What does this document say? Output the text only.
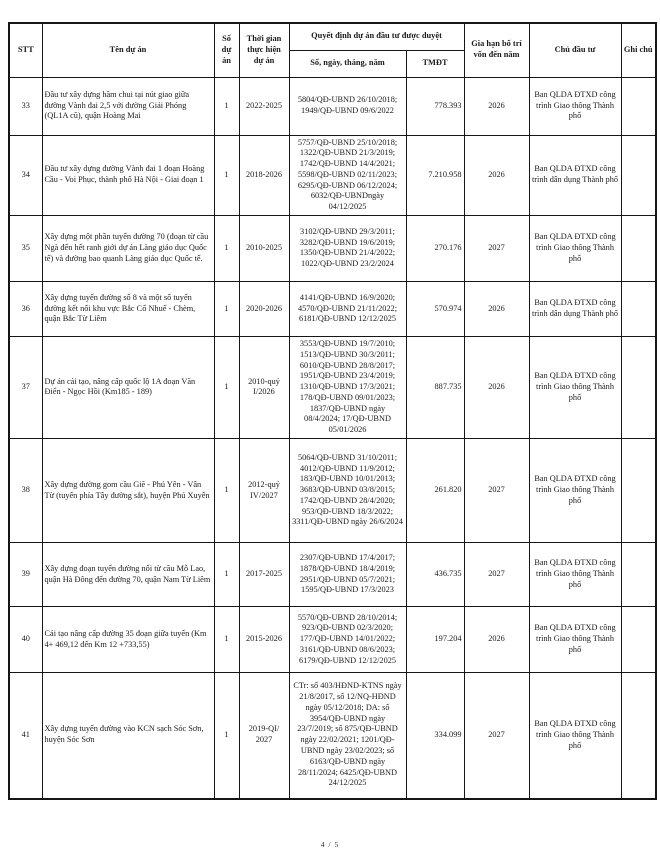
STT	Tên dự án	Số dự án	Thời gian thực hiện dự án	Quyết định dự án đầu tư được duyệt		Gia hạn bố trí vốn đến năm	Chủ đầu tư	Ghi chú
				Số, ngày, tháng, năm	TMĐT			
33	Đầu tư xây dựng hầm chui tại nút giao giữa đường Vành đai 2,5 với đường Giải Phóng (QL1A cũ), quận Hoàng Mai	1	2022-2025	5804/QĐ-UBND 26/10/2018; 1949/QĐ-UBND 09/6/2022	778.393	2026	Ban QLDA ĐTXD công trình Giao thông Thành phố	
34	Đầu tư xây dựng đường Vành đai 1 đoạn Hoàng Cầu - Voi Phục, thành phố Hà Nội - Giai đoạn 1	1	2018-2026	5757/QĐ-UBND 25/10/2018; 1322/QĐ-UBND 21/3/2019; 1742/QĐ-UBND 14/4/2021; 5598/QĐ-UBND 02/11/2023; 6295/QĐ-UBND 06/12/2024; 6032/QĐ-UBNDngày 04/12/2025	7.210.958	2026	Ban QLDA ĐTXD công trình dân dụng Thành phố	
35	Xây dựng một phần tuyến đường 70 (đoạn từ cầu Ngà đến hết ranh giới dự án Làng giáo dục Quốc tế) và đường bao quanh Làng giáo dục Quốc tế.	1	2010-2025	3102/QĐ-UBND 29/3/2011; 3282/QĐ-UBND 19/6/2019; 1350/QĐ-UBND 21/4/2022; 1022/QĐ-UBND 23/2/2024	270.176	2027	Ban QLDA ĐTXD công trình Giao thông Thành phố	
36	Xây dựng tuyến đường số 8 và một số tuyến đường kết nối khu vực Bắc Cổ Nhuế - Chèm, quận Bắc Từ Liêm	1	2020-2026	4141/QĐ-UBND 16/9/2020; 4570/QĐ-UBND 21/11/2022; 6181/QĐ-UBND 12/12/2025	570.974	2026	Ban QLDA ĐTXD công trình dân dụng Thành phố	
37	Dự án cải tạo, nâng cấp quốc lộ 1A đoạn Văn Điển - Ngọc Hồi (Km185 - 189)	1	2010-quý I/2026	3553/QĐ-UBND 19/7/2010; 1513/QĐ-UBND 30/3/2011; 6010/QĐ-UBND 28/8/2017; 1951/QĐ-UBND 23/4/2019; 1310/QĐ-UBND 17/3/2021; 178/QĐ-UBND 09/01/2023; 1837/QĐ-UBND ngày 08/4/2024; 17/QĐ-UBND 05/01/2026	887.735	2026	Ban QLDA ĐTXD công trình Giao thông Thành phố	
38	Xây dựng đường gom cầu Giẽ - Phú Yên - Vân Từ (tuyến phía Tây đường sắt), huyện Phú Xuyên	1	2012-quý IV/2027	5064/QĐ-UBND 31/10/2011; 4012/QĐ-UBND 11/9/2012; 183/QĐ-UBND 10/01/2013; 3683/QĐ-UBND 03/8/2015; 1742/QĐ-UBND 28/4/2020; 953/QĐ-UBND 18/3/2022; 3311/QĐ-UBND ngày 26/6/2024	261.820	2027	Ban QLDA ĐTXD công trình Giao thông Thành phố	
39	Xây dựng đoạn tuyến đường nối từ cầu Mỗ Lao, quận Hà Đông đến đường 70, quận Nam Từ Liêm	1	2017-2025	2307/QĐ-UBND 17/4/2017; 1878/QĐ-UBND 18/4/2019; 2951/QĐ-UBND 05/7/2021; 1595/QĐ-UBND 17/3/2023	436.735	2027	Ban QLDA ĐTXD công trình Giao thông Thành phố	
40	Cải tạo nâng cấp đường 35 đoạn giữa tuyến (Km 4+ 469,12 đến Km 12 +733,55)	1	2015-2026	5570/QĐ-UBND 28/10/2014; 923/QĐ-UBND 02/3/2020; 177/QĐ-UBND 14/01/2022; 3161/QĐ-UBND 08/6/2023; 6179/QĐ-UBND 12/12/2025	197.204	2026	Ban QLDA ĐTXD công trình Giao thông Thành phố	
41	Xây dựng tuyến đường vào KCN sạch Sóc Sơn, huyện Sóc Sơn	1	2019-QI/ 2027	CTr: số 403/HĐND-KTNS ngày 21/8/2017, số 12/NQ-HĐND ngày 05/12/2018; DA: số 3954/QĐ-UBND ngày 23/7/2019; số 875/QĐ-UBND ngày 22/02/2021; 1201/QĐ-UBND ngày 23/02/2023; số 6163/QĐ-UBND ngày 28/11/2024; 6425/QĐ-UBND 24/12/2025	334.099	2027	Ban QLDA ĐTXD công trình Giao thông Thành phố	
4 / 5
